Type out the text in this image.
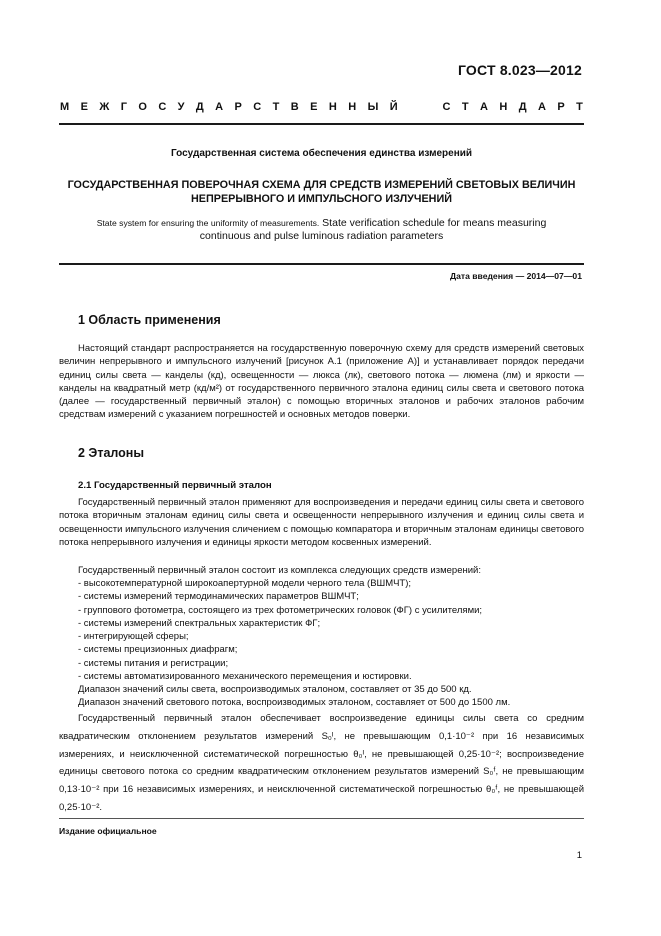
ГОСТ 8.023—2012
М Е Ж Г О С У Д А Р С Т В Е Н Н Ы Й	С Т А Н Д А Р Т
Государственная система обеспечения единства измерений
ГОСУДАРСТВЕННАЯ ПОВЕРОЧНАЯ СХЕМА ДЛЯ СРЕДСТВ ИЗМЕРЕНИЙ СВЕТОВЫХ ВЕЛИЧИН
НЕПРЕРЫВНОГО И ИМПУЛЬСНОГО ИЗЛУЧЕНИЙ
State system for ensuring the uniformity of measurements. State verification schedule for means measuring
continuous and pulse luminous radiation parameters
Дата введения — 2014—07—01
1 Область применения

Настоящий стандарт распространяется на государственную поверочную схему для средств измерений световых величин непрерывного и импульсного излучений [рисунок А.1 (приложение А)] и устанавливает порядок передачи единиц силы света — канделы (кд), освещенности — люкса (лк), светового потока — люмена (лм) и яркости — канделы на квадратный метр (кд/м²) от государственного первичного эталона единиц силы света и светового потока (далее — государственный первичный эталон) с помощью вторичных эталонов и рабочих эталонов рабочим средствам измерений с указанием погрешностей и основных методов поверки.

2 Эталоны
2.1 Государственный первичный эталон

Государственный первичный эталон применяют для воспроизведения и передачи единиц силы света и светового потока вторичным эталонам единиц силы света и освещенности непрерывного излучения и единиц силы света и освещенности импульсного излучения сличением с помощью компаратора и вторичным эталонам единицы светового потока непрерывного излучения и единицы яркости методом косвенных измерений.

Государственный первичный эталон состоит из комплекса следующих средств измерений:

- высокотемпературной широкоапертурной модели черного тела (ВШМЧТ);
- системы измерений термодинамических параметров ВШМЧТ;
- группового фотометра, состоящего из трех фотометрических головок (ФГ) с усилителями;
- системы измерений спектральных характеристик ФГ;
- интегрирующей сферы;
- системы прецизионных диафрагм;
- системы питания и регистрации;
- системы автоматизированного механического перемещения и юстировки.

Диапазон значений силы света, воспроизводимых эталоном, составляет от 35 до 500 кд.

Диапазон значений светового потока, воспроизводимых эталоном, составляет от 500 до 1500 лм.

Государственный первичный эталон обеспечивает воспроизведение единицы силы света со средним квадратическим отклонением результатов измерений S₀ᴵ, не превышающим 0,1·10⁻² при 16 независимых измерениях, и неисключенной систематической погрешностью θ₀ᴵ, не превышающей 0,25·10⁻²; воспроизведение единицы светового потока со средним квадратическим отклонением результатов измерений S₀ᶠ, не превышающим 0,13·10⁻² при 16 независимых измерениях, и неисключенной систематической погрешностью θ₀ᶠ, не превышающей 0,25·10⁻².

Издание официальное
1
